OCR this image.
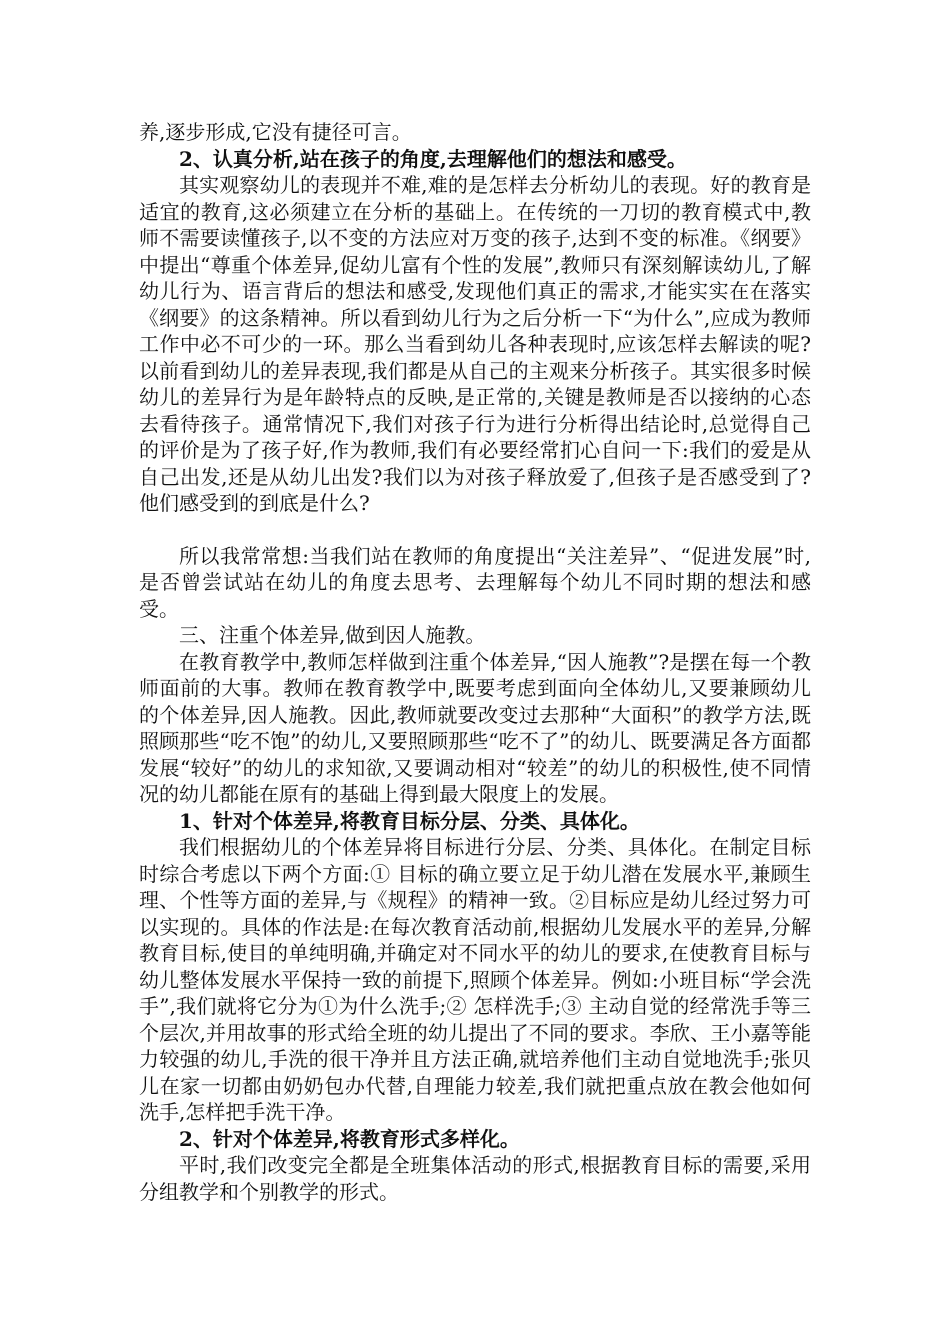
养,逐步形成,它没有捷径可言。

2、认真分析,站在孩子的角度,去理解他们的想法和感受。

其实观察幼儿的表现并不难,难的是怎样去分析幼儿的表现。好的教育是适宜的教育,这必须建立在分析的基础上。在传统的一刀切的教育模式中,教师不需要读懂孩子,以不变的方法应对万变的孩子,达到不变的标准。《纲要》中提出“尊重个体差异,促幼儿富有个性的发展”,教师只有深刻解读幼儿,了解幼儿行为、语言背后的想法和感受,发现他们真正的需求,才能实实在在落实《纲要》的这条精神。所以看到幼儿行为之后分析一下“为什么”,应成为教师工作中必不可少的一环。那么当看到幼儿各种表现时,应该怎样去解读的呢?以前看到幼儿的差异表现,我们都是从自己的主观来分析孩子。其实很多时候幼儿的差异行为是年龄特点的反映,是正常的,关键是教师是否以接纳的心态去看待孩子。通常情况下,我们对孩子行为进行分析得出结论时,总觉得自己的评价是为了孩子好,作为教师,我们有必要经常扪心自问一下:我们的爱是从自己出发,还是从幼儿出发?我们以为对孩子释放爱了,但孩子是否感受到了?他们感受到的到底是什么?

所以我常常想:当我们站在教师的角度提出“关注差异”、“促进发展”时,是否曾尝试站在幼儿的角度去思考、去理解每个幼儿不同时期的想法和感受。

三、注重个体差异,做到因人施教。

在教育教学中,教师怎样做到注重个体差异,“因人施教”?是摆在每一个教师面前的大事。教师在教育教学中,既要考虑到面向全体幼儿,又要兼顾幼儿的个体差异,因人施教。因此,教师就要改变过去那种“大面积”的教学方法,既照顾那些“吃不饱”的幼儿,又要照顾那些“吃不了”的幼儿、既要满足各方面都发展“较好”的幼儿的求知欲,又要调动相对“较差”的幼儿的积极性,使不同情况的幼儿都能在原有的基础上得到最大限度上的发展。

1、针对个体差异,将教育目标分层、分类、具体化。

我们根据幼儿的个体差异将目标进行分层、分类、具体化。在制定目标时综合考虑以下两个方面:① 目标的确立要立足于幼儿潜在发展水平,兼顾生理、个性等方面的差异,与《规程》的精神一致。②目标应是幼儿经过努力可以实现的。具体的作法是:在每次教育活动前,根据幼儿发展水平的差异,分解教育目标,使目的单纯明确,并确定对不同水平的幼儿的要求,在使教育目标与幼儿整体发展水平保持一致的前提下,照顾个体差异。例如:小班目标“学会洗手”,我们就将它分为①为什么洗手;② 怎样洗手;③ 主动自觉的经常洗手等三个层次,并用故事的形式给全班的幼儿提出了不同的要求。李欣、王小嘉等能力较强的幼儿,手洗的很干净并且方法正确,就培养他们主动自觉地洗手;张贝儿在家一切都由奶奶包办代替,自理能力较差,我们就把重点放在教会他如何洗手,怎样把手洗干净。

2、针对个体差异,将教育形式多样化。

平时,我们改变完全都是全班集体活动的形式,根据教育目标的需要,采用分组教学和个别教学的形式。
